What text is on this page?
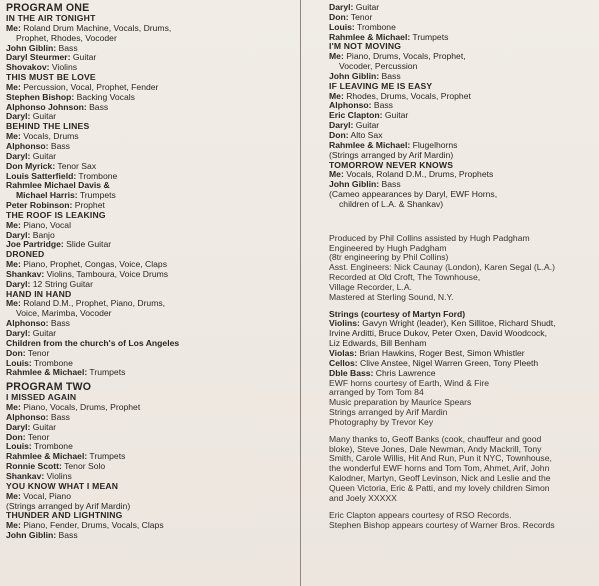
PROGRAM ONE
IN THE AIR TONIGHT
Me: Roland Drum Machine, Vocals, Drums,
Prophet, Rhodes, Vocoder
John Giblin: Bass
Daryl Steurmer: Guitar
Shovakov: Violins
THIS MUST BE LOVE
Me: Percussion, Vocal, Prophet, Fender
Stephen Bishop: Backing Vocals
Alphonso Johnson: Bass
Daryl: Guitar
BEHIND THE LINES
Me: Vocals, Drums
Alphonso: Bass
Daryl: Guitar
Don Myrick: Tenor Sax
Louis Satterfield: Trombone
Rahmlee Michael Davis &
Michael Harris: Trumpets
Peter Robinson: Prophet
THE ROOF IS LEAKING
Me: Piano, Vocal
Daryl: Banjo
Joe Partridge: Slide Guitar
DRONED
Me: Piano, Prophet, Congas, Voice, Claps
Shankav: Violins, Tamboura, Voice Drums
Daryl: 12 String Guitar
HAND IN HAND
Me: Roland D.M., Prophet, Piano, Drums,
Voice, Marimba, Vocoder
Alphonso: Bass
Daryl: Guitar
Children from the church's of Los Angeles
Don: Tenor
Louis: Trombone
Rahmlee & Michael: Trumpets
PROGRAM TWO
I MISSED AGAIN
Me: Piano, Vocals, Drums, Prophet
Alphonso: Bass
Daryl: Guitar
Don: Tenor
Louis: Trombone
Rahmlee & Michael: Trumpets
Ronnie Scott: Tenor Solo
Shankav: Violins
YOU KNOW WHAT I MEAN
Me: Vocal, Piano
(Strings arranged by Arif Mardin)
THUNDER AND LIGHTNING
Me: Piano, Fender, Drums, Vocals, Claps
John Giblin: Bass
Daryl: Guitar
Don: Tenor
Louis: Trombone
Rahmlee & Michael: Trumpets
I'M NOT MOVING
Me: Piano, Drums, Vocals, Prophet,
Vocoder, Percussion
John Giblin: Bass
IF LEAVING ME IS EASY
Me: Rhodes, Drums, Vocals, Prophet
Alphonso: Bass
Eric Clapton: Guitar
Daryl: Guitar
Don: Alto Sax
Rahmlee & Michael: Flugelhorns
(Strings arranged by Arif Mardin)
TOMORROW NEVER KNOWS
Me: Vocals, Roland D.M., Drums, Prophets
John Giblin: Bass
(Cameo appearances by Daryl, EWF Horns,
children of L.A. & Shankav)
Produced by Phil Collins assisted by Hugh Padgham
Engineered by Hugh Padgham
(8tr engineering by Phil Collins)
Asst. Engineers: Nick Caunay (London), Karen Segal (L.A.)
Recorded at Old Croft, The Townhouse,
Village Recorder, L.A.
Mastered at Sterling Sound, N.Y.
Strings (courtesy of Martyn Ford)
Violins: Gavyn Wright (leader), Ken Sillitoe, Richard Shudt,
Irvine Arditti, Bruce Dukov, Peter Oxen, David Woodcock,
Liz Edwards, Bill Benham
Violas: Brian Hawkins, Roger Best, Simon Whistler
Cellos: Clive Anstee, Nigel Warren Green, Tony Pleeth
Dble Bass: Chris Lawrence
EWF horns courtesy of Earth, Wind & Fire
arranged by Tom Tom 84
Music preparation by Maurice Spears
Strings arranged by Arif Mardin
Photography by Trevor Key
Many thanks to, Geoff Banks (cook, chauffeur and good
bloke), Steve Jones, Dale Newman, Andy Mackrill, Tony
Smith, Carole Willis, Hit And Run, Pun it NYC, Townhouse,
the wonderful EWF horns and Tom Tom, Ahmet, Arif, John
Kalodner, Martyn, Geoff Levinson, Nick and Leslie and the
Queen Victoria, Eric & Patti, and my lovely children Simon
and Joely XXXXX
Eric Clapton appears courtesy of RSO Records.
Stephen Bishop appears courtesy of Warner Bros. Records
